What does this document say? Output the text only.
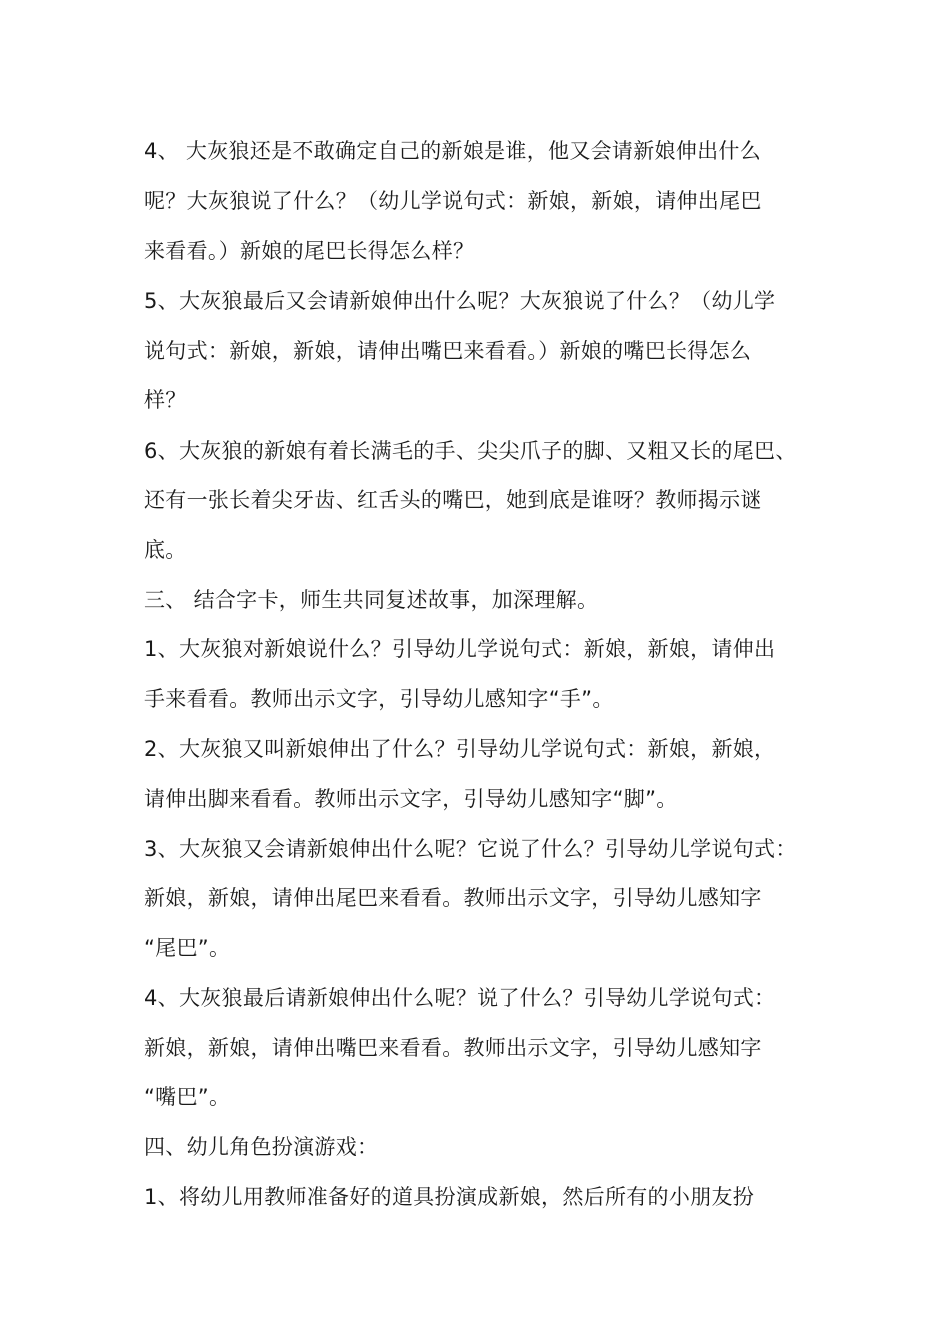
4、 大灰狼还是不敢确定自己的新娘是谁，他又会请新娘伸出什么
呢？大灰狼说了什么？（幼儿学说句式：新娘，新娘，请伸出尾巴
来看看。）新娘的尾巴长得怎么样？
5、大灰狼最后又会请新娘伸出什么呢？大灰狼说了什么？（幼儿学
说句式：新娘，新娘，请伸出嘴巴来看看。）新娘的嘴巴长得怎么
样？
6、大灰狼的新娘有着长满毛的手、尖尖爪子的脚、又粗又长的尾巴、
还有一张长着尖牙齿、红舌头的嘴巴，她到底是谁呀？教师揭示谜
底。
三、 结合字卡，师生共同复述故事，加深理解。
1、大灰狼对新娘说什么？引导幼儿学说句式：新娘，新娘，请伸出
手来看看。教师出示文字，引导幼儿感知字“手”。
2、大灰狼又叫新娘伸出了什么？引导幼儿学说句式：新娘，新娘，
请伸出脚来看看。教师出示文字，引导幼儿感知字“脚”。
3、大灰狼又会请新娘伸出什么呢？它说了什么？引导幼儿学说句式：
新娘，新娘，请伸出尾巴来看看。教师出示文字，引导幼儿感知字
“尾巴”。
4、大灰狼最后请新娘伸出什么呢？说了什么？引导幼儿学说句式：
新娘，新娘，请伸出嘴巴来看看。教师出示文字，引导幼儿感知字
“嘴巴”。
四、幼儿角色扮演游戏：
1、将幼儿用教师准备好的道具扮演成新娘，然后所有的小朋友扮
